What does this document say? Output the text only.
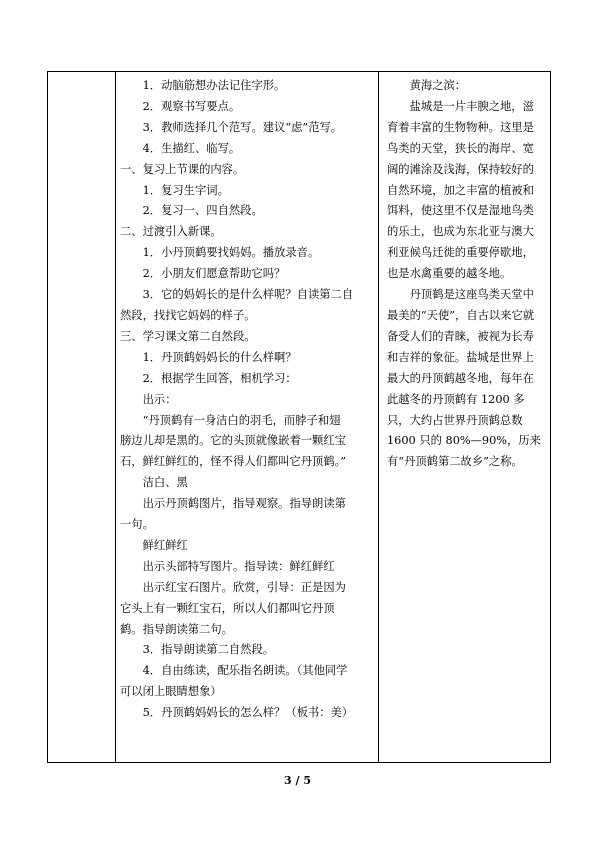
1．动脑筋想办法记住字形。

2．观察书写要点。

3．教师选择几个范写。建议“虑”范写。

4．生描红、临写。

一、复习上节课的内容。

1．复习生字词。

2．复习一、四自然段。

二、过渡引入新课。

1．小丹顶鹤要找妈妈。播放录音。

2．小朋友们愿意帮助它吗？

3．它的妈妈长的是什么样呢？自读第二自

然段，找找它妈妈的样子。

三、学习课文第二自然段。

1．丹顶鹤妈妈长的什么样啊？

2．根据学生回答，相机学习：

出示：

“丹顶鹤有一身洁白的羽毛，而脖子和翅

膀边儿却是黑的。它的头顶就像嵌着一颗红宝

石，鲜红鲜红的，怪不得人们都叫它丹顶鹤。”

洁白、黑

出示丹顶鹤图片，指导观察。指导朗读第

一句。

鲜红鲜红

出示头部特写图片。指导读：鲜红鲜红

出示红宝石图片。欣赏，引导：正是因为

它头上有一颗红宝石，所以人们都叫它丹顶

鹤。指导朗读第二句。

3．指导朗读第二自然段。

4．自由练读，配乐指名朗读。（其他同学

可以闭上眼睛想象）

5．丹顶鹤妈妈长的怎么样？（板书：美）

黄海之滨：

盐城是一片丰腴之地，滋育着丰富的生物物种。这里是鸟类的天堂，狭长的海岸、宽阔的滩涂及浅海，保持较好的自然环境，加之丰富的植被和饵料，使这里不仅是湿地鸟类的乐土，也成为东北亚与澳大利亚候鸟迁徙的重要停歇地，也是水禽重要的越冬地。

丹顶鹤是这座鸟类天堂中最美的“天使”，自古以来它就备受人们的青睐，被视为长寿和吉祥的象征。盐城是世界上最大的丹顶鹤越冬地，每年在此越冬的丹顶鹤有 1200 多只，大约占世界丹顶鹤总数 1600 只的 80%—90%，历来有“丹顶鹤第二故乡”之称。

3 / 5
